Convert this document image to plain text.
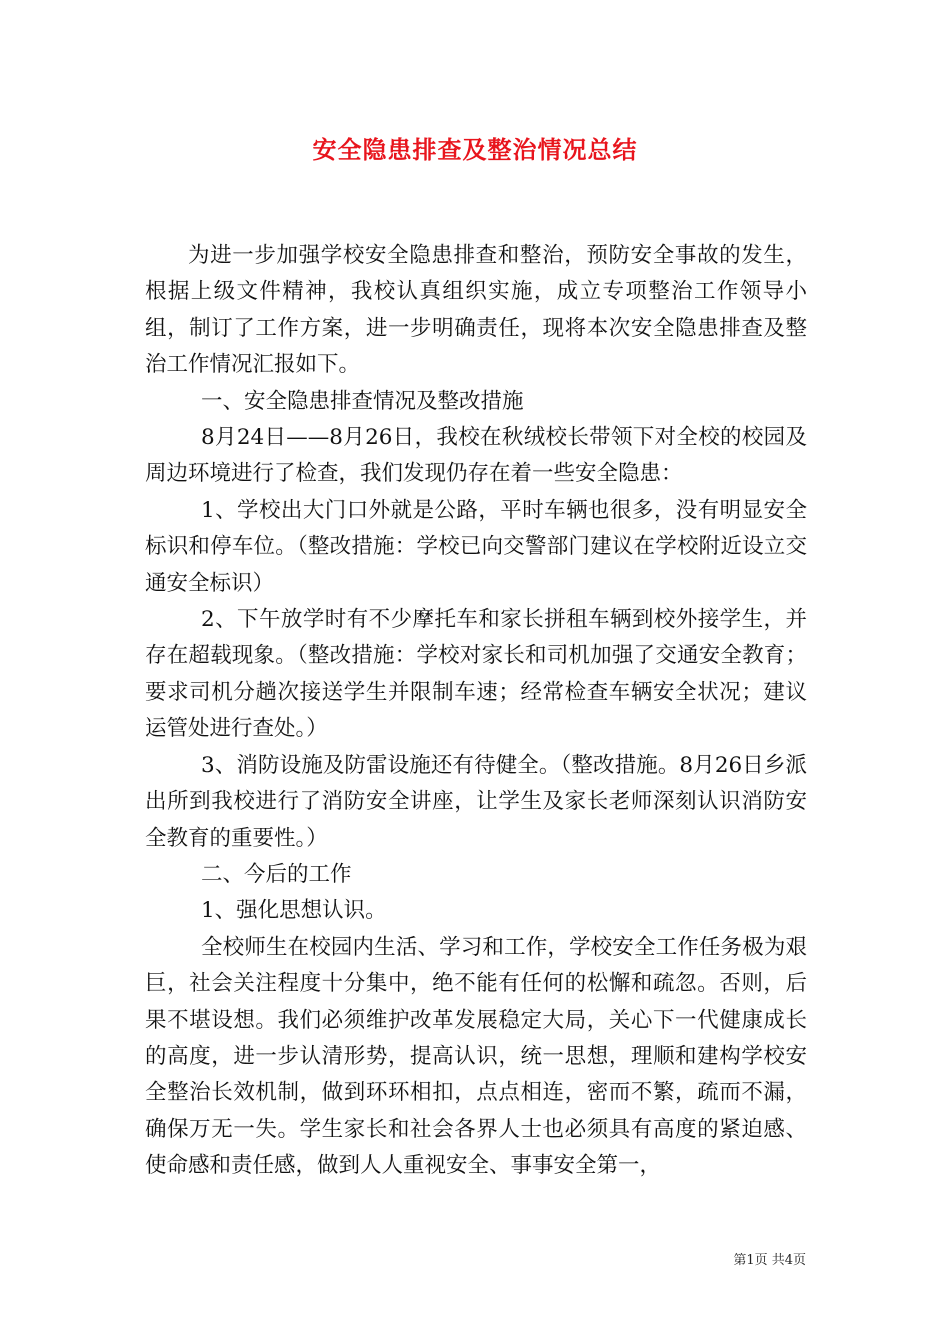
安全隐患排查及整治情况总结

为进一步加强学校安全隐患排查和整治，预防安全事故的发生，根据上级文件精神，我校认真组织实施，成立专项整治工作领导小组，制订了工作方案，进一步明确责任，现将本次安全隐患排查及整治工作情况汇报如下。

一、安全隐患排查情况及整改措施

8月24日——8月26日，我校在秋绒校长带领下对全校的校园及周边环境进行了检查，我们发现仍存在着一些安全隐患：

1、学校出大门口外就是公路，平时车辆也很多，没有明显安全标识和停车位。（整改措施：学校已向交警部门建议在学校附近设立交通安全标识）

2、下午放学时有不少摩托车和家长拼租车辆到校外接学生，并存在超载现象。（整改措施：学校对家长和司机加强了交通安全教育；要求司机分趟次接送学生并限制车速；经常检查车辆安全状况；建议运管处进行查处。）

3、消防设施及防雷设施还有待健全。（整改措施。8月26日乡派出所到我校进行了消防安全讲座，让学生及家长老师深刻认识消防安全教育的重要性。）

二、今后的工作

1、强化思想认识。

全校师生在校园内生活、学习和工作，学校安全工作任务极为艰巨，社会关注程度十分集中，绝不能有任何的松懈和疏忽。否则，后果不堪设想。我们必须维护改革发展稳定大局，关心下一代健康成长的高度，进一步认清形势，提高认识，统一思想，理顺和建构学校安全整治长效机制，做到环环相扣，点点相连，密而不繁，疏而不漏，确保万无一失。学生家长和社会各界人士也必须具有高度的紧迫感、使命感和责任感，做到人人重视安全、事事安全第一，

第1页 共4页
